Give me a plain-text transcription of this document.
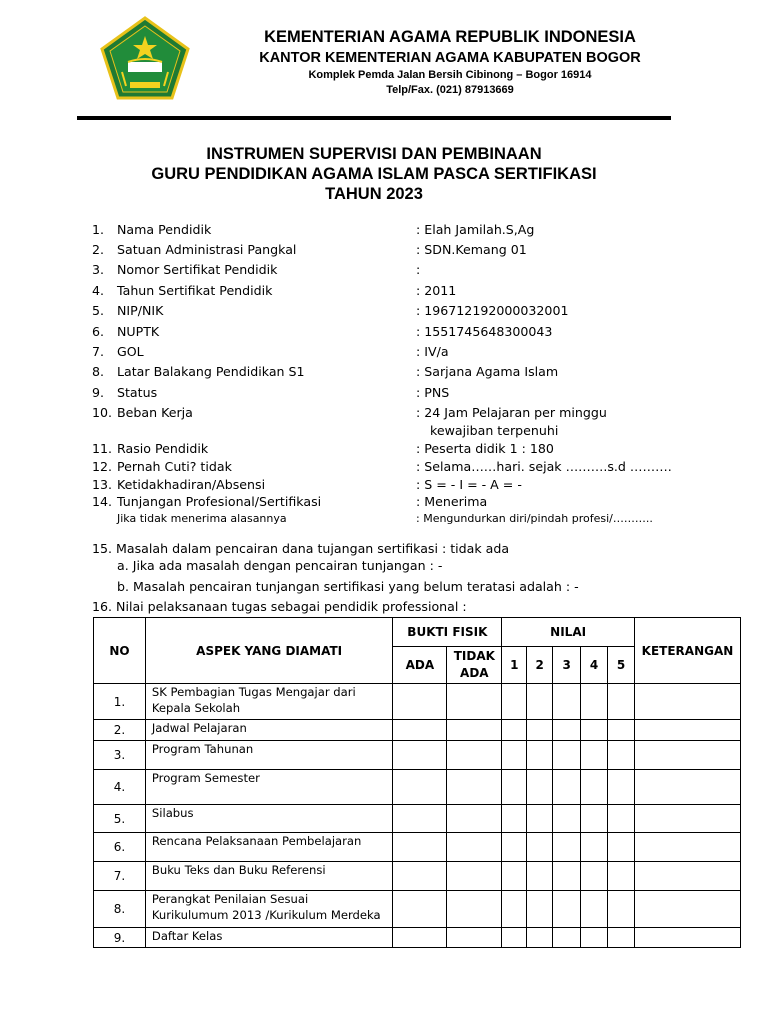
KEMENTERIAN AGAMA REPUBLIK INDONESIA
KANTOR KEMENTERIAN AGAMA KABUPATEN BOGOR
Komplek Pemda Jalan Bersih Cibinong – Bogor 16914
Telp/Fax. (021) 87913669
INSTRUMEN SUPERVISI DAN PEMBINAAN
GURU PENDIDIKAN AGAMA ISLAM PASCA SERTIFIKASI
TAHUN 2023
1. Nama Pendidik	: Elah Jamilah.S,Ag
2. Satuan Administrasi Pangkal	: SDN.Kemang 01
3. Nomor Sertifikat Pendidik	:
4. Tahun Sertifikat Pendidik	: 2011
5. NIP/NIK	: 196712192000032001
6. NUPTK	: 1551745648300043
7. GOL	: IV/a
8. Latar Balakang Pendidikan S1	: Sarjana Agama Islam
9. Status	: PNS
10. Beban Kerja	: 24 Jam Pelajaran per minggu
kewajiban terpenuhi
11. Rasio Pendidik	: Peserta didik 1 : 180
12. Pernah Cuti? tidak	: Selama……hari. sejak ……….s.d ……….
13. Ketidakhadiran/Absensi	: S = - I = - A = -
14. Tunjangan Profesional/Sertifikasi	: Menerima
Jika tidak menerima alasannya	: Mengundurkan diri/pindah profesi/………..
15. Masalah dalam pencairan dana tujangan sertifikasi : tidak ada
a. Jika ada masalah dengan pencairan tunjangan : -
b. Masalah pencairan tunjangan sertifikasi yang belum teratasi adalah : -
16. Nilai pelaksanaan tugas sebagai pendidik professional :
NO	ASPEK YANG DIAMATI	BUKTI FISIK		NILAI					KETERANGAN
		ADA	TIDAK ADA	1	2	3	4	5	
1.	SK Pembagian Tugas Mengajar dari Kepala Sekolah								
2.	Jadwal Pelajaran								
3.	Program Tahunan								
4.	Program Semester								
5.	Silabus								
6.	Rencana Pelaksanaan Pembelajaran								
7.	Buku Teks dan Buku Referensi								
8.	Perangkat Penilaian Sesuai Kurikulumum 2013 /Kurikulum Merdeka								
9.	Daftar Kelas								
